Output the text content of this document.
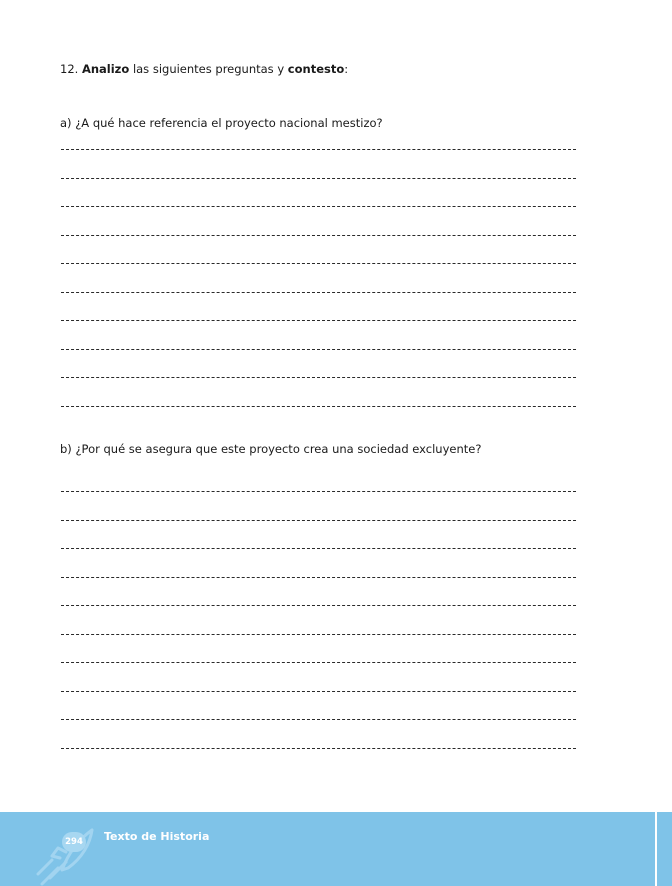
12. Analizo las siguientes preguntas y contesto:
a) ¿A qué hace referencia el proyecto nacional mestizo?
b) ¿Por qué se asegura que este proyecto crea una sociedad excluyente?
294 Texto de Historia
